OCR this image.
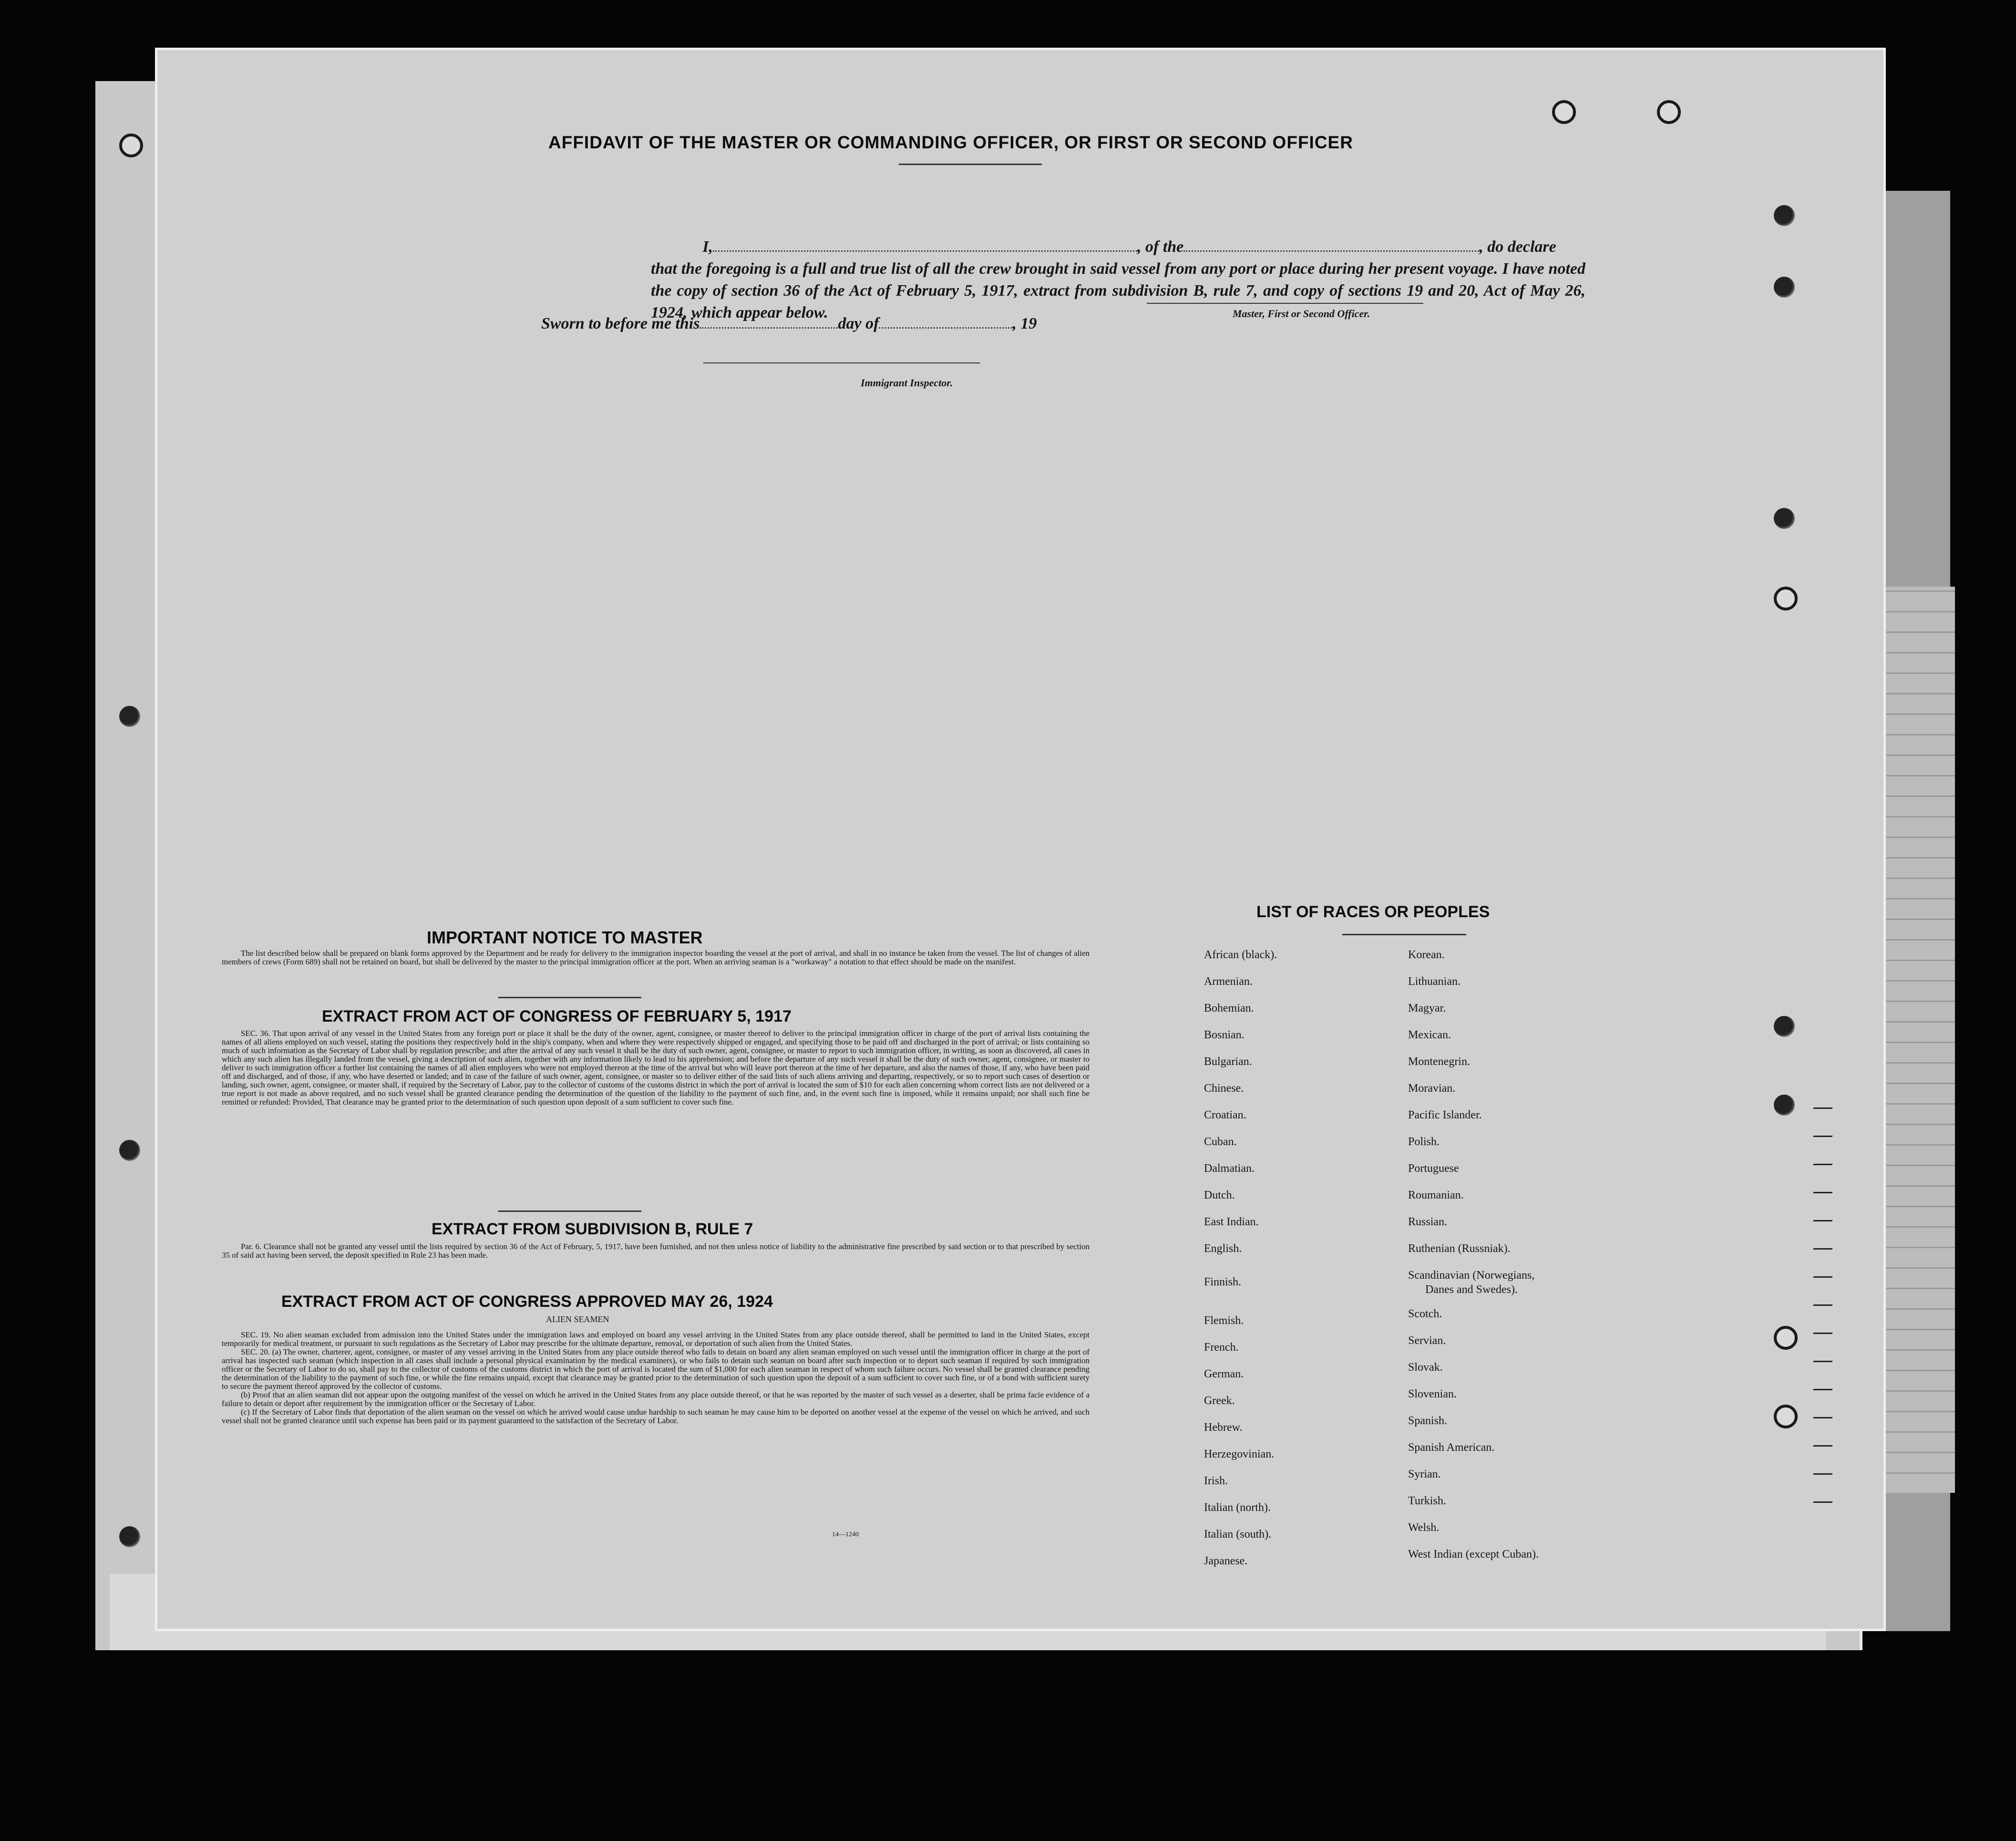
AFFIDAVIT OF THE MASTER OR COMMANDING OFFICER, OR FIRST OR SECOND OFFICER
I,	, of the	, do declare
that the foregoing is a full and true list of all the crew brought in said vessel from any port or place during her present voyage. I have noted the copy of section 36 of the Act of February 5, 1917, extract from subdivision B, rule 7, and copy of sections 19 and 20, Act of May 26, 1924, which appear below.	Master, First or Second Officer.
Sworn to before me this	day of	, 19
Immigrant Inspector.
IMPORTANT NOTICE TO MASTER

The list described below shall be prepared on blank forms approved by the Department and be ready for delivery to the immigration inspector boarding the vessel at the port of arrival, and shall in no instance be taken from the vessel. The list of changes of alien members of crews (Form 689) shall not be retained on board, but shall be delivered by the master to the principal immigration officer at the port. When an arriving seaman is a "workaway" a notation to that effect should be made on the manifest.

EXTRACT FROM ACT OF CONGRESS OF FEBRUARY 5, 1917

SEC. 36. That upon arrival of any vessel in the United States from any foreign port or place it shall be the duty of the owner, agent, consignee, or master thereof to deliver to the principal immigration officer in charge of the port of arrival lists containing the names of all aliens employed on such vessel, stating the positions they respectively hold in the ship's company, when and where they were respectively shipped or engaged, and specifying those to be paid off and discharged in the port of arrival; or lists containing so much of such information as the Secretary of Labor shall by regulation prescribe; and after the arrival of any such vessel it shall be the duty of such owner, agent, consignee, or master to report to such immigration officer, in writing, as soon as discovered, all cases in which any such alien has illegally landed from the vessel, giving a description of such alien, together with any information likely to lead to his apprehension; and before the departure of any such vessel it shall be the duty of such owner, agent, consignee, or master to deliver to such immigration officer a further list containing the names of all alien employees who were not employed thereon at the time of the arrival but who will leave port thereon at the time of her departure, and also the names of those, if any, who have been paid off and discharged, and of those, if any, who have deserted or landed; and in case of the failure of such owner, agent, consignee, or master so to deliver either of the said lists of such aliens arriving and departing, respectively, or so to report such cases of desertion or landing, such owner, agent, consignee, or master shall, if required by the Secretary of Labor, pay to the collector of customs of the customs district in which the port of arrival is located the sum of $10 for each alien concerning whom correct lists are not delivered or a true report is not made as above required, and no such vessel shall be granted clearance pending the determination of the question of the liability to the payment of such fine, and, in the event such fine is imposed, while it remains unpaid; nor shall such fine be remitted or refunded: Provided, That clearance may be granted prior to the determination of such question upon deposit of a sum sufficient to cover such fine.

EXTRACT FROM SUBDIVISION B, RULE 7

Par. 6. Clearance shall not be granted any vessel until the lists required by section 36 of the Act of February, 5, 1917, have been furnished, and not then unless notice of liability to the administrative fine prescribed by said section or to that prescribed by section 35 of said act having been served, the deposit specified in Rule 23 has been made.

EXTRACT FROM ACT OF CONGRESS APPROVED MAY 26, 1924
ALIEN SEAMEN

SEC. 19. No alien seaman excluded from admission into the United States under the immigration laws and employed on board any vessel arriving in the United States from any place outside thereof, shall be permitted to land in the United States, except temporarily for medical treatment, or pursuant to such regulations as the Secretary of Labor may prescribe for the ultimate departure, removal, or deportation of such alien from the United States.

SEC. 20. (a) The owner, charterer, agent, consignee, or master of any vessel arriving in the United States from any place outside thereof who fails to detain on board any alien seaman employed on such vessel until the immigration officer in charge at the port of arrival has inspected such seaman (which inspection in all cases shall include a personal physical examination by the medical examiners), or who fails to detain such seaman on board after such inspection or to deport such seaman if required by such immigration officer or the Secretary of Labor to do so, shall pay to the collector of customs of the customs district in which the port of arrival is located the sum of $1,000 for each alien seaman in respect of whom such failure occurs. No vessel shall be granted clearance pending the determination of the liability to the payment of such fine, or while the fine remains unpaid, except that clearance may be granted prior to the determination of such question upon the deposit of a sum sufficient to cover such fine, or of a bond with sufficient surety to secure the payment thereof approved by the collector of customs.

(b) Proof that an alien seaman did not appear upon the outgoing manifest of the vessel on which he arrived in the United States from any place outside thereof, or that he was reported by the master of such vessel as a deserter, shall be prima facie evidence of a failure to detain or deport after requirement by the immigration officer or the Secretary of Labor.

(c) If the Secretary of Labor finds that deportation of the alien seaman on the vessel on which he arrived would cause undue hardship to such seaman he may cause him to be deported on another vessel at the expense of the vessel on which he arrived, and such vessel shall not be granted clearance until such expense has been paid or its payment guaranteed to the satisfaction of the Secretary of Labor.

14—1240
LIST OF RACES OR PEOPLES
African (black).
Armenian.
Bohemian.
Bosnian.
Bulgarian.
Chinese.
Croatian.
Cuban.
Dalmatian.
Dutch.
East Indian.
English.
Finnish.
Flemish.
French.
German.
Greek.
Hebrew.
Herzegovinian.
Irish.
Italian (north).
Italian (south).
Japanese.
Korean.
Lithuanian.
Magyar.
Mexican.
Montenegrin.
Moravian.
Pacific Islander.
Polish.
Portuguese
Roumanian.
Russian.
Ruthenian (Russniak).
Scandinavian (Norwegians,
Danes and Swedes).
Scotch.
Servian.
Slovak.
Slovenian.
Spanish.
Spanish American.
Syrian.
Turkish.
Welsh.
West Indian (except Cuban).
